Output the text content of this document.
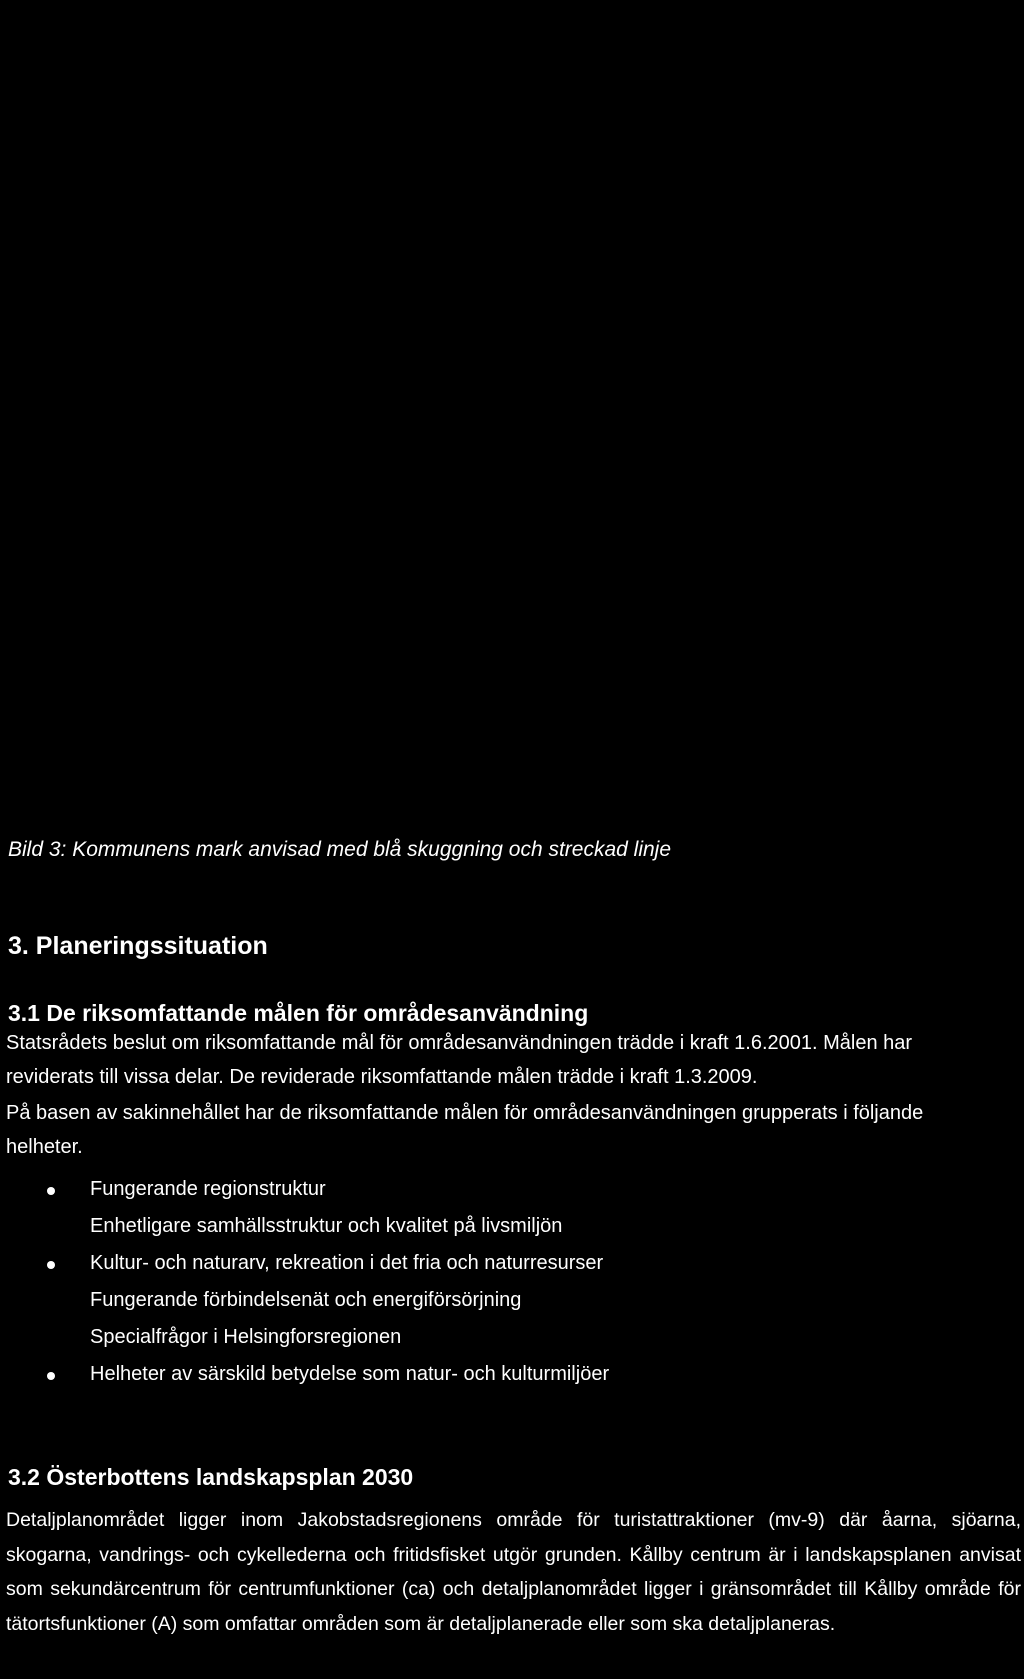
Bild 3: Kommunens mark anvisad med blå skuggning och streckad linje
3. Planeringssituation
3.1 De riksomfattande målen för områdesanvändning
Statsrådets beslut om riksomfattande mål för områdesanvändningen trädde i kraft 1.6.2001. Målen har reviderats till vissa delar. De reviderade riksomfattande målen trädde i kraft 1.3.2009.
På basen av sakinnehållet har de riksomfattande målen för områdesanvändningen grupperats i följande helheter.
Fungerande regionstruktur
Enhetligare samhällsstruktur och kvalitet på livsmiljön
Kultur- och naturarv, rekreation i det fria och naturresurser
Fungerande förbindelsenät och energiförsörjning
Specialfrågor i Helsingforsregionen
Helheter av särskild betydelse som natur- och kulturmiljöer
3.2 Österbottens landskapsplan 2030
Detaljplanområdet ligger inom Jakobstadsregionens område för turistattraktioner (mv-9) där åarna, sjöarna, skogarna, vandrings- och cykellederna och fritidsfisket utgör grunden. Kållby centrum är i landskapsplanen anvisat som sekundärcentrum för centrumfunktioner (ca) och detaljplanområdet ligger i gränsområdet till Kållby område för tätortsfunktioner (A) som omfattar områden som är detaljplanerade eller som ska detaljplaneras.
